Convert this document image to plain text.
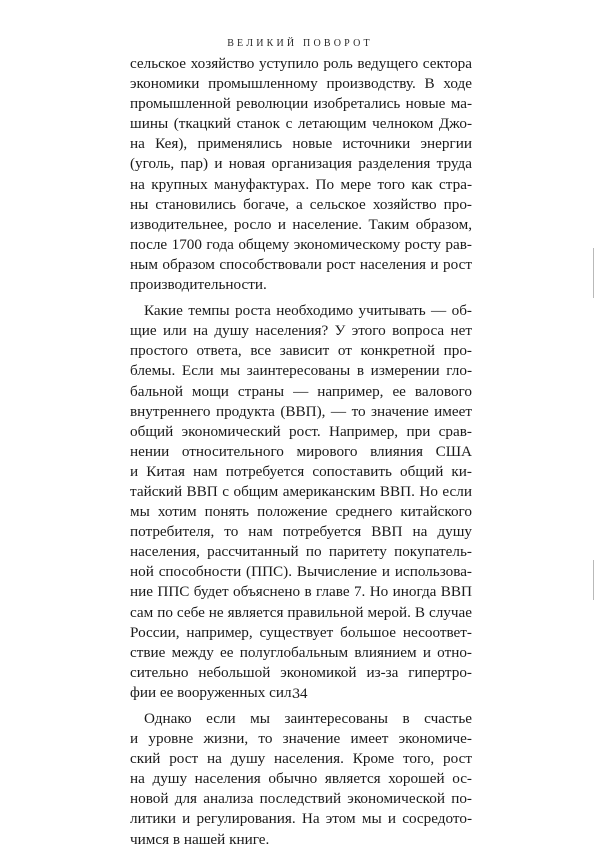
ВЕЛИКИЙ ПОВОРОТ
сельское хозяйство уступило роль ведущего сектора
экономики промышленному производству. В ходе
промышленной революции изобретались новые ма-
шины (ткацкий станок с летающим челноком Джо-
на Кея), применялись новые источники энергии
(уголь, пар) и новая организация разделения труда
на крупных мануфактурах. По мере того как стра-
ны становились богаче, а сельское хозяйство про-
изводительнее, росло и население. Таким образом,
после 1700 года общему экономическому росту рав-
ным образом способствовали рост населения и рост
производительности.
Какие темпы роста необходимо учитывать — об-
щие или на душу населения? У этого вопроса нет
простого ответа, все зависит от конкретной про-
блемы. Если мы заинтересованы в измерении гло-
бальной мощи страны — например, ее валового
внутреннего продукта (ВВП), — то значение имеет
общий экономический рост. Например, при срав-
нении относительного мирового влияния США
и Китая нам потребуется сопоставить общий ки-
тайский ВВП с общим американским ВВП. Но если
мы хотим понять положение среднего китайского
потребителя, то нам потребуется ВВП на душу
населения, рассчитанный по паритету покупатель-
ной способности (ППС). Вычисление и использова-
ние ППС будет объяснено в главе 7. Но иногда ВВП
сам по себе не является правильной мерой. В случае
России, например, существует большое несоответ-
ствие между ее полуглобальным влиянием и отно-
сительно небольшой экономикой из-за гипертро-
фии ее вооруженных сил.
Однако если мы заинтересованы в счастье
и уровне жизни, то значение имеет экономиче-
ский рост на душу населения. Кроме того, рост
на душу населения обычно является хорошей ос-
новой для анализа последствий экономической по-
литики и регулирования. На этом мы и сосредото-
чимся в нашей книге.
34
